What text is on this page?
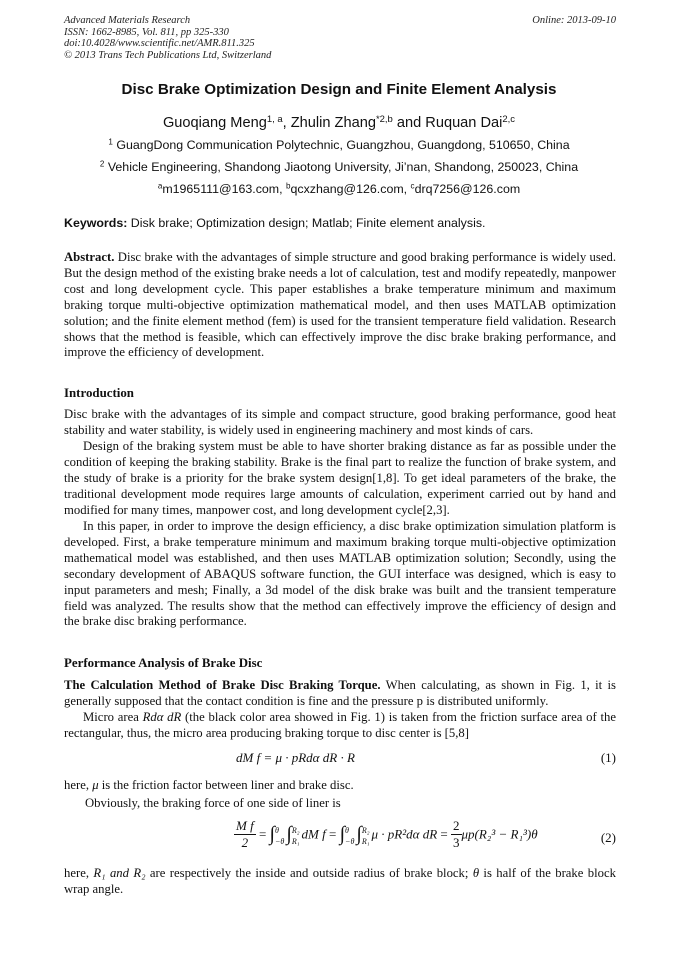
Advanced Materials Research
ISSN: 1662-8985, Vol. 811, pp 325-330
doi:10.4028/www.scientific.net/AMR.811.325
© 2013 Trans Tech Publications Ltd, Switzerland
Online: 2013-09-10
Disc Brake Optimization Design and Finite Element Analysis
Guoqiang Meng$^{1, a}$, Zhulin Zhang$^{*2,b}$ and Ruquan Dai$^{2,c}$
$^1$ GuangDong Communication Polytechnic, Guangzhou, Guangdong, 510650, China
$^2$ Vehicle Engineering, Shandong Jiaotong University, Ji’nan, Shandong, 250023, China
$^a$m1965111@163.com, $^b$qcxzhang@126.com, $^c$drq7256@126.com
Keywords: Disk brake; Optimization design; Matlab; Finite element analysis.

Abstract. Disc brake with the advantages of simple structure and good braking performance is widely used. But the design method of the existing brake needs a lot of calculation, test and modify repeatedly, manpower cost and long development cycle. This paper establishes a brake temperature minimum and maximum braking torque multi-objective optimization mathematical model, and then uses MATLAB optimization solution; and the finite element method (fem) is used for the transient temperature field validation. Research shows that the method is feasible, which can effectively improve the disc brake braking performance, and improve the efficiency of development.

Introduction

Disc brake with the advantages of its simple and compact structure, good braking performance, good heat stability and water stability, is widely used in engineering machinery and most kinds of cars.

Design of the braking system must be able to have shorter braking distance as far as possible under the condition of keeping the braking stability. Brake is the final part to realize the function of brake system, and the study of brake is a priority for the brake system design[1,8]. To get ideal parameters of the brake, the traditional development mode requires large amounts of calculation, experiment carried out by hand and modified for many times, manpower cost, and long development cycle[2,3].

In this paper, in order to improve the design efficiency, a disc brake optimization simulation platform is developed. First, a brake temperature minimum and maximum braking torque multi-objective optimization mathematical model was established, and then uses MATLAB optimization solution; Secondly, using the secondary development of ABAQUS software function, the GUI interface was designed, which is easy to input parameters and mesh; Finally, a 3d model of the disk brake was built and the transient temperature field was analyzed. The results show that the method can effectively improve the efficiency of design and the brake disc braking performance.

Performance Analysis of Brake Disc

The Calculation Method of Brake Disc Braking Torque. When calculating, as shown in Fig. 1, it is generally supposed that the contact condition is fine and the pressure p is distributed uniformly.

Micro area Rdα dR (the black color area showed in Fig. 1) is taken from the friction surface area of the rectangular, thus, the micro area producing braking torque to disc center is [5,8]

dM f = μ · pRdα dR · R	(1)

here, μ is the friction factor between liner and brake disc.

Obviously, the braking force of one side of liner is

$\frac{\text{M f}}{2} = \int\theta$
−θ ∫R₂
R₁ dM f = ∫θ
−θ ∫R₂
R₁ μ · pR²dα dR = $\frac{2}{3} \mu p(R_2^3 - R_1^3)\theta$	(2)

here, R₁ and R₂ are respectively the inside and outside radius of brake block; θ is half of the brake block wrap angle.
